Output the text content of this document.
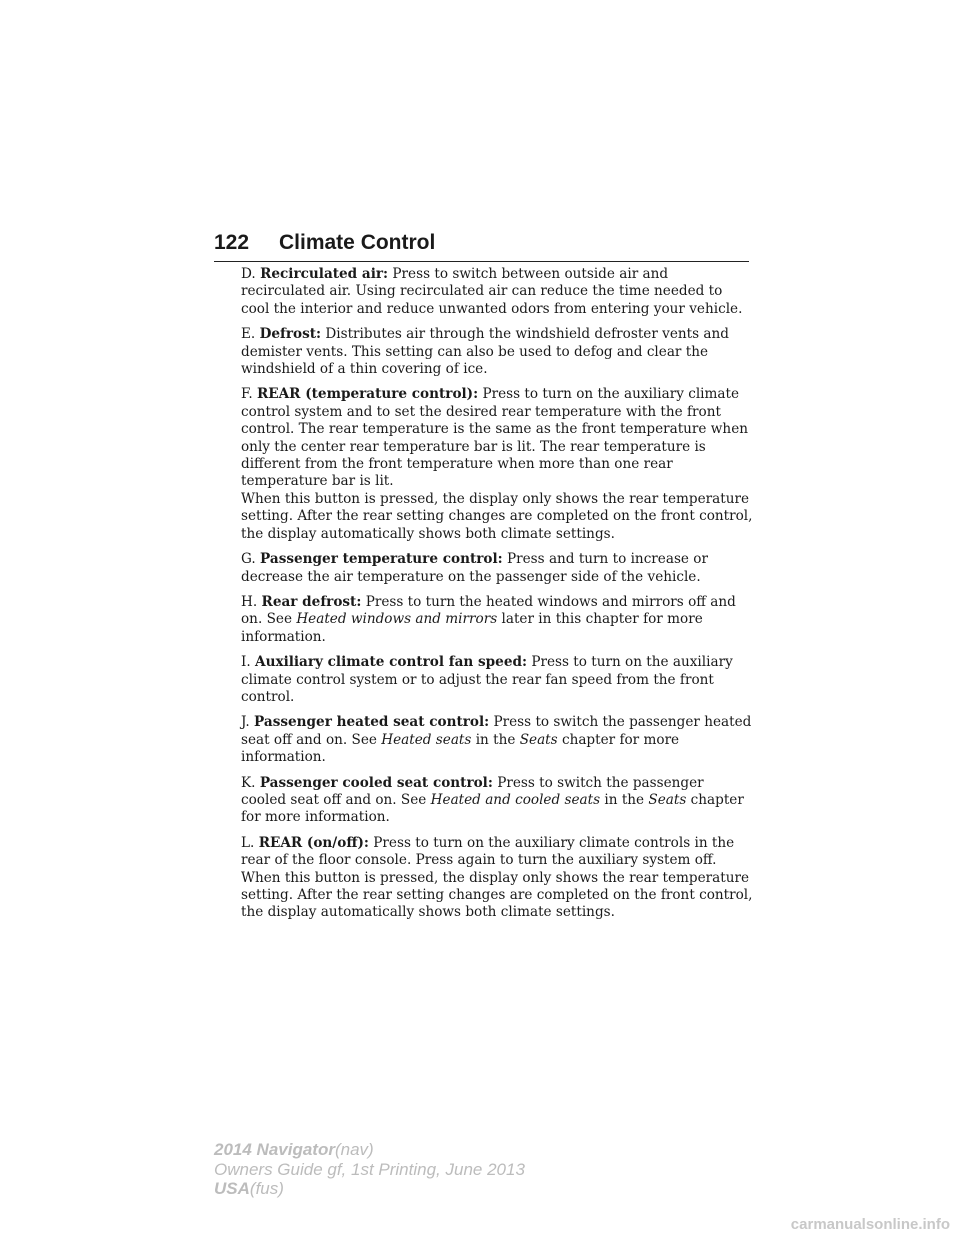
122 Climate Control
D. Recirculated air: Press to switch between outside air and recirculated air. Using recirculated air can reduce the time needed to cool the interior and reduce unwanted odors from entering your vehicle.
E. Defrost: Distributes air through the windshield defroster vents and demister vents. This setting can also be used to defog and clear the windshield of a thin covering of ice.
F. REAR (temperature control): Press to turn on the auxiliary climate control system and to set the desired rear temperature with the front control. The rear temperature is the same as the front temperature when only the center rear temperature bar is lit. The rear temperature is different from the front temperature when more than one rear temperature bar is lit.
When this button is pressed, the display only shows the rear temperature setting. After the rear setting changes are completed on the front control, the display automatically shows both climate settings.
G. Passenger temperature control: Press and turn to increase or decrease the air temperature on the passenger side of the vehicle.
H. Rear defrost: Press to turn the heated windows and mirrors off and on. See Heated windows and mirrors later in this chapter for more information.
I. Auxiliary climate control fan speed: Press to turn on the auxiliary climate control system or to adjust the rear fan speed from the front control.
J. Passenger heated seat control: Press to switch the passenger heated seat off and on. See Heated seats in the Seats chapter for more information.
K. Passenger cooled seat control: Press to switch the passenger cooled seat off and on. See Heated and cooled seats in the Seats chapter for more information.
L. REAR (on/off): Press to turn on the auxiliary climate controls in the rear of the floor console. Press again to turn the auxiliary system off.
When this button is pressed, the display only shows the rear temperature setting. After the rear setting changes are completed on the front control, the display automatically shows both climate settings.
2014 Navigator(nav)
Owners Guide gf, 1st Printing, June 2013
USA(fus)
carmanualsonline.info
